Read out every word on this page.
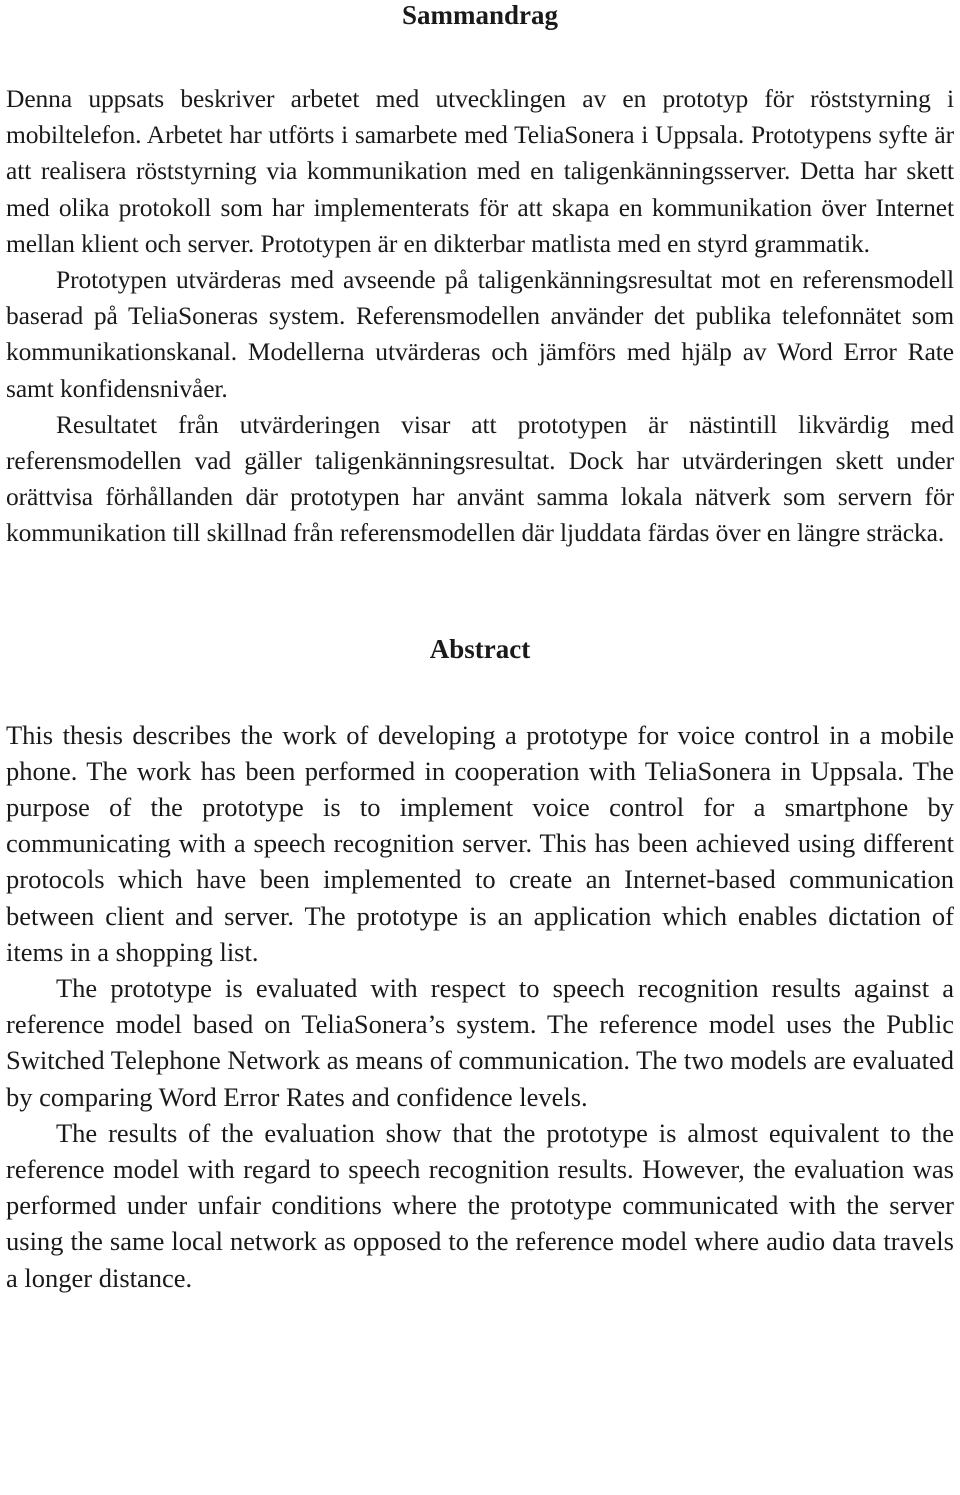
Sammandrag

Denna uppsats beskriver arbetet med utvecklingen av en prototyp för röststyrning i mobiltelefon. Arbetet har utförts i samarbete med TeliaSonera i Uppsala. Prototypens syfte är att realisera röststyrning via kommunikation med en taligenkänningsserver. Detta har skett med olika protokoll som har implementerats för att skapa en kommunikation över Internet mellan klient och server. Prototypen är en dikterbar matlista med en styrd grammatik.

Prototypen utvärderas med avseende på taligenkänningsresultat mot en referensmodell baserad på TeliaSoneras system. Referensmodellen använder det publika telefonnätet som kommunikationskanal. Modellerna utvärderas och jämförs med hjälp av Word Error Rate samt konfidensnivåer.

Resultatet från utvärderingen visar att prototypen är nästintill likvärdig med referensmodellen vad gäller taligenkänningsresultat. Dock har utvärderingen skett under orättvisa förhållanden där prototypen har använt samma lokala nätverk som servern för kommunikation till skillnad från referensmodellen där ljuddata färdas över en längre sträcka.

Abstract

This thesis describes the work of developing a prototype for voice control in a mobile phone. The work has been performed in cooperation with TeliaSonera in Uppsala. The purpose of the prototype is to implement voice control for a smartphone by communicating with a speech recognition server. This has been achieved using different protocols which have been implemented to create an Internet-based communication between client and server. The prototype is an application which enables dictation of items in a shopping list.

The prototype is evaluated with respect to speech recognition results against a reference model based on TeliaSonera’s system. The reference model uses the Public Switched Telephone Network as means of communication. The two models are evaluated by comparing Word Error Rates and confidence levels.

The results of the evaluation show that the prototype is almost equivalent to the reference model with regard to speech recognition results. However, the evaluation was performed under unfair conditions where the prototype communicated with the server using the same local network as opposed to the reference model where audio data travels a longer distance.
